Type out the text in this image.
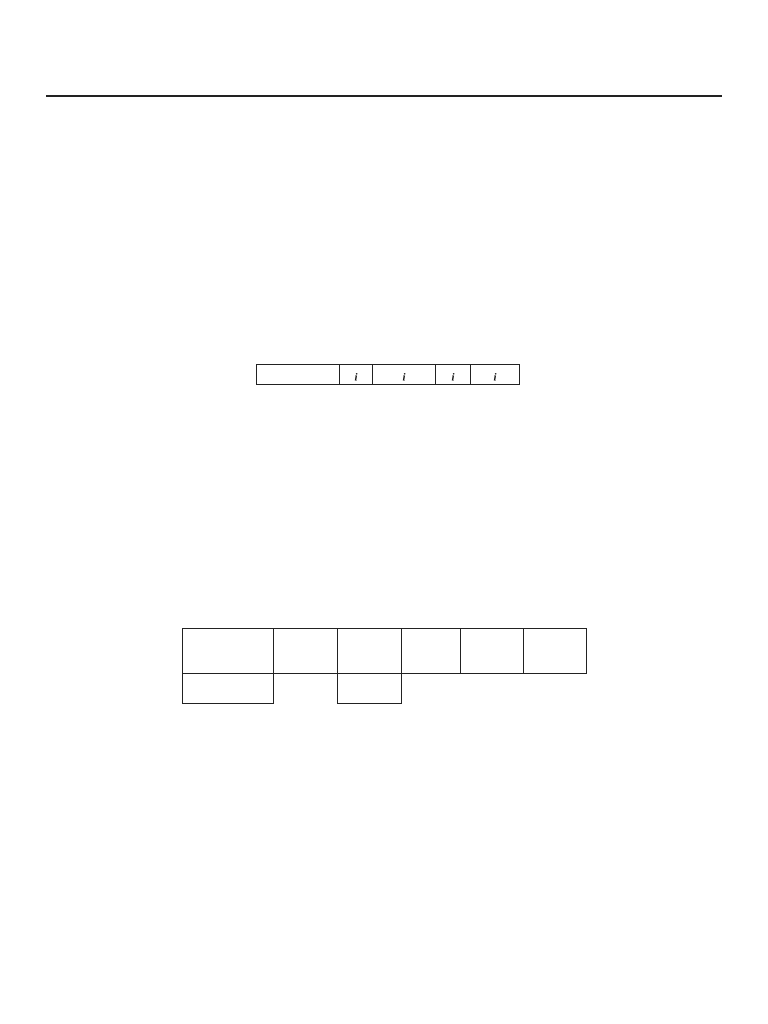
	$_i$	$_i$	$_i$	$_i$
